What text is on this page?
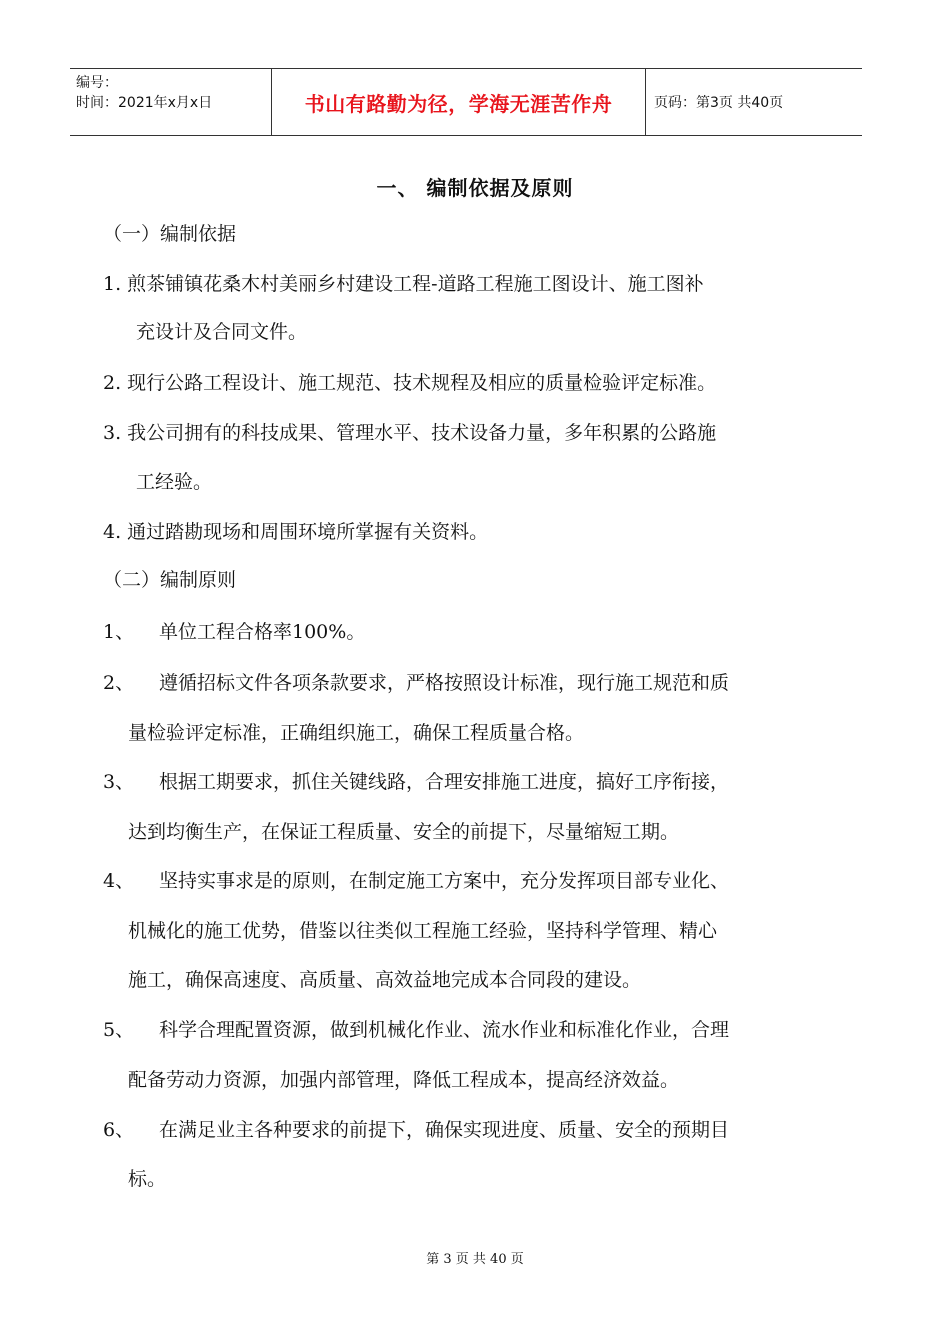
编号：
时间：2021年x月x日	书山有路勤为径，学海无涯苦作舟	页码：第3页 共40页
一、 编制依据及原则
（一）编制依据
1. 煎茶铺镇花桑木村美丽乡村建设工程-道路工程施工图设计、施工图补
充设计及合同文件。
2. 现行公路工程设计、施工规范、技术规程及相应的质量检验评定标准。
3. 我公司拥有的科技成果、管理水平、技术设备力量，多年积累的公路施
工经验。
4. 通过踏勘现场和周围环境所掌握有关资料。
（二）编制原则
1、 单位工程合格率100%。
2、 遵循招标文件各项条款要求，严格按照设计标准，现行施工规范和质
量检验评定标准，正确组织施工，确保工程质量合格。
3、 根据工期要求，抓住关键线路，合理安排施工进度，搞好工序衔接，
达到均衡生产，在保证工程质量、安全的前提下，尽量缩短工期。
4、 坚持实事求是的原则，在制定施工方案中，充分发挥项目部专业化、
机械化的施工优势，借鉴以往类似工程施工经验，坚持科学管理、精心
施工，确保高速度、高质量、高效益地完成本合同段的建设。
5、 科学合理配置资源，做到机械化作业、流水作业和标准化作业，合理
配备劳动力资源，加强内部管理，降低工程成本，提高经济效益。
6、 在满足业主各种要求的前提下，确保实现进度、质量、安全的预期目
标。
第 3 页 共 40 页
